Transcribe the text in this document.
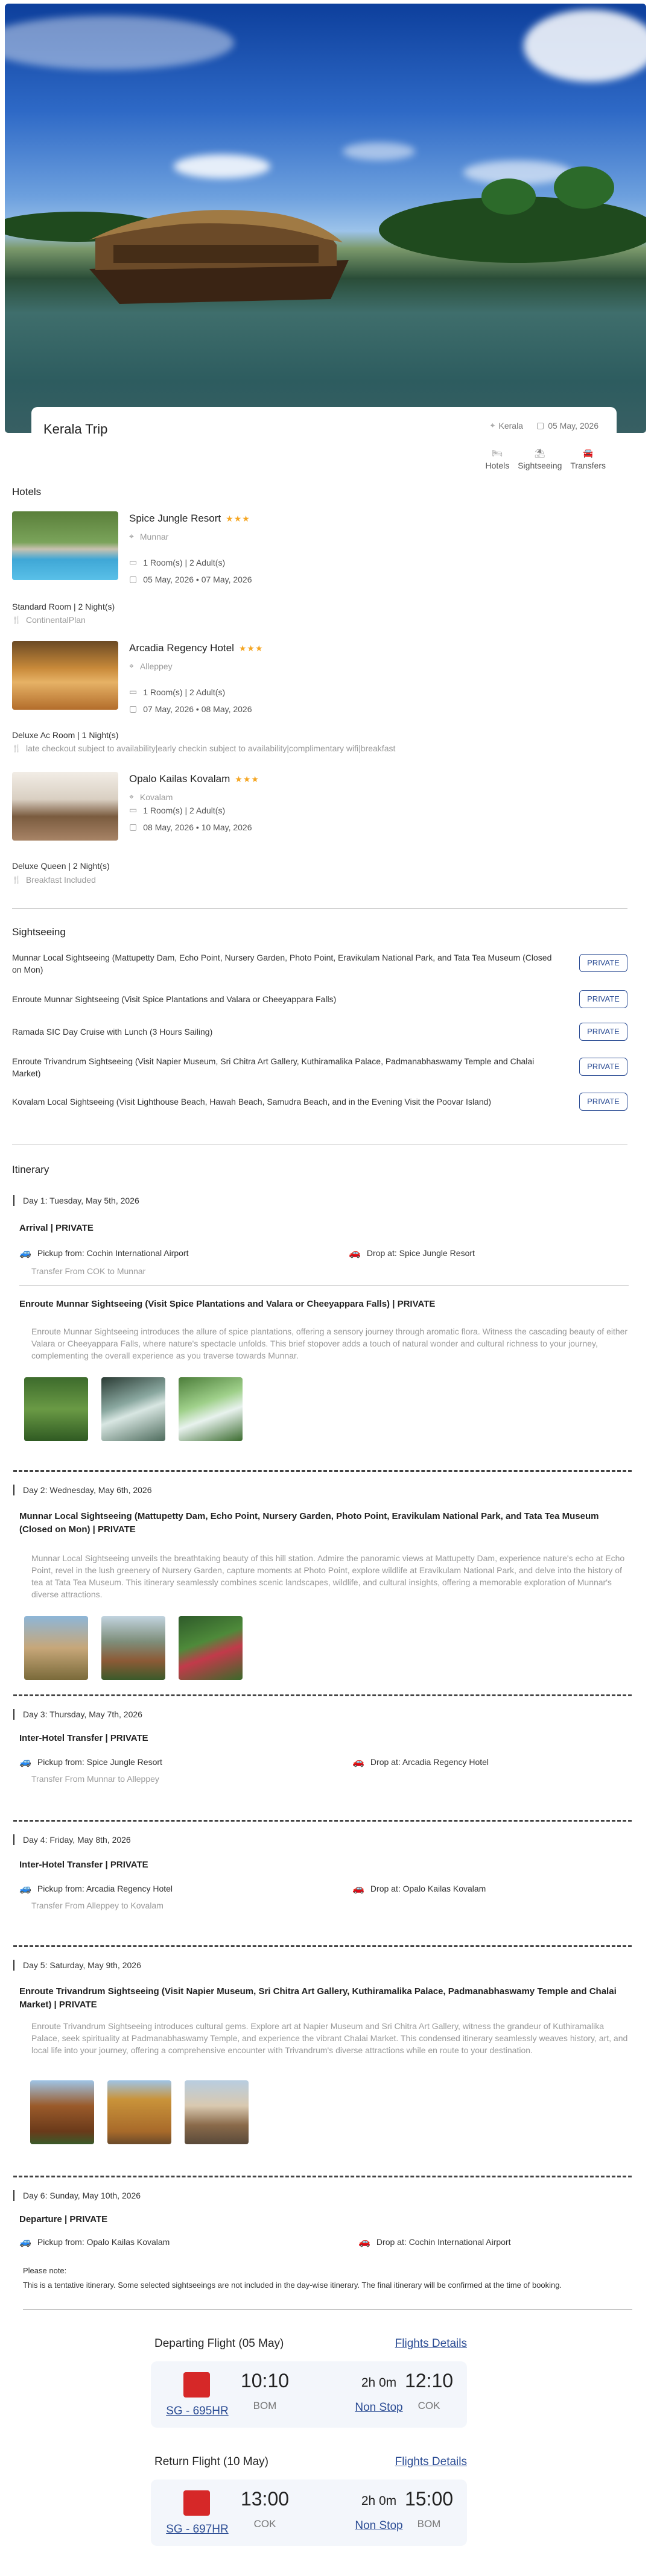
Kerala Trip	⌖ Kerala ▢ 05 May, 2026
🛏
Hotels
⛱
Sightseeing
🚘
Transfers
Hotels
Spice Jungle Resort ★★★
⌖ Munnar
▭ 1 Room(s) | 2 Adult(s)
▢ 05 May, 2026 • 07 May, 2026
Standard Room | 2 Night(s)
🍴 ContinentalPlan
Arcadia Regency Hotel ★★★
⌖ Alleppey
▭ 1 Room(s) | 2 Adult(s)
▢ 07 May, 2026 • 08 May, 2026
Deluxe Ac Room | 1 Night(s)
🍴 late checkout subject to availability|early checkin subject to availability|complimentary wifi|breakfast
Opalo Kailas Kovalam ★★★
⌖ Kovalam
▭ 1 Room(s) | 2 Adult(s)
▢ 08 May, 2026 • 10 May, 2026
Deluxe Queen | 2 Night(s)
🍴 Breakfast Included
Sightseeing
Munnar Local Sightseeing (Mattupetty Dam, Echo Point, Nursery Garden, Photo Point, Eravikulam National Park, and Tata Tea Museum (Closed on Mon)
PRIVATE
Enroute Munnar Sightseeing (Visit Spice Plantations and Valara or Cheeyappara Falls)	PRIVATE
Ramada SIC Day Cruise with Lunch (3 Hours Sailing)	PRIVATE
Enroute Trivandrum Sightseeing (Visit Napier Museum, Sri Chitra Art Gallery, Kuthiramalika Palace, Padmanabhaswamy Temple and Chalai Market)
PRIVATE
Kovalam Local Sightseeing (Visit Lighthouse Beach, Hawah Beach, Samudra Beach, and in the Evening Visit the Poovar Island)	PRIVATE
Itinerary
Day 1: Tuesday, May 5th, 2026
Arrival | PRIVATE
🚙 Pickup from: Cochin International Airport	🚗 Drop at: Spice Jungle Resort
Transfer From COK to Munnar
Enroute Munnar Sightseeing (Visit Spice Plantations and Valara or Cheeyappara Falls) | PRIVATE
Enroute Munnar Sightseeing introduces the allure of spice plantations, offering a sensory journey through aromatic flora. Witness the cascading beauty of either Valara or Cheeyappara Falls, where nature's spectacle unfolds. This brief stopover adds a touch of natural wonder and cultural richness to your journey, complementing the overall experience as you traverse towards Munnar.
Day 2: Wednesday, May 6th, 2026
Munnar Local Sightseeing (Mattupetty Dam, Echo Point, Nursery Garden, Photo Point, Eravikulam National Park, and Tata Tea Museum (Closed on Mon) | PRIVATE
Munnar Local Sightseeing unveils the breathtaking beauty of this hill station. Admire the panoramic views at Mattupetty Dam, experience nature's echo at Echo Point, revel in the lush greenery of Nursery Garden, capture moments at Photo Point, explore wildlife at Eravikulam National Park, and delve into the history of tea at Tata Tea Museum. This itinerary seamlessly combines scenic landscapes, wildlife, and cultural insights, offering a memorable exploration of Munnar's diverse attractions.
Day 3: Thursday, May 7th, 2026
Inter-Hotel Transfer | PRIVATE
🚙 Pickup from: Spice Jungle Resort	🚗 Drop at: Arcadia Regency Hotel
Transfer From Munnar to Alleppey
Day 4: Friday, May 8th, 2026
Inter-Hotel Transfer | PRIVATE
🚙 Pickup from: Arcadia Regency Hotel	🚗 Drop at: Opalo Kailas Kovalam
Transfer From Alleppey to Kovalam
Day 5: Saturday, May 9th, 2026
Enroute Trivandrum Sightseeing (Visit Napier Museum, Sri Chitra Art Gallery, Kuthiramalika Palace, Padmanabhaswamy Temple and Chalai Market) | PRIVATE
Enroute Trivandrum Sightseeing introduces cultural gems. Explore art at Napier Museum and Sri Chitra Art Gallery, witness the grandeur of Kuthiramalika Palace, seek spirituality at Padmanabhaswamy Temple, and experience the vibrant Chalai Market. This condensed itinerary seamlessly weaves history, art, and local life into your journey, offering a comprehensive encounter with Trivandrum's diverse attractions while en route to your destination.
Day 6: Sunday, May 10th, 2026
Departure | PRIVATE
🚙 Pickup from: Opalo Kailas Kovalam	🚗 Drop at: Cochin International Airport
Please note:
This is a tentative itinerary. Some selected sightseeings are not included in the day-wise itinerary. The final itinerary will be confirmed at the time of booking.
Departing Flight (05 May)	Flights Details
SG - 695HR
10:10
BOM
2h 0m
Non Stop
12:10
COK
Return Flight (10 May)	Flights Details
SG - 697HR
13:00
COK
2h 0m
Non Stop
15:00
BOM
